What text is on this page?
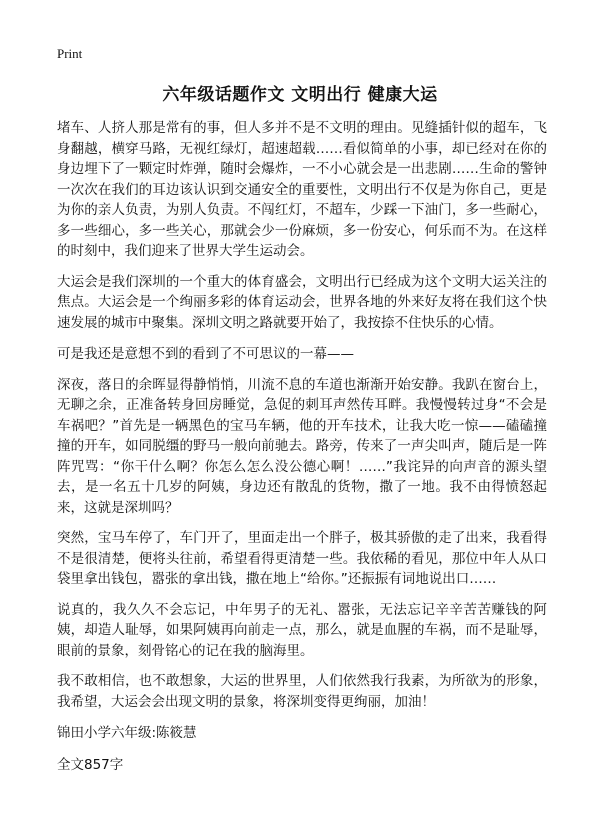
Print
六年级话题作文 文明出行 健康大运

堵车、人挤人那是常有的事，但人多并不是不文明的理由。见缝插针似的超车，飞身翻越，横穿马路，无视红绿灯，超速超载……看似简单的小事，却已经对在你的身边埋下了一颗定时炸弹，随时会爆炸，一不小心就会是一出悲剧……生命的警钟一次次在我们的耳边该认识到交通安全的重要性，文明出行不仅是为你自己，更是为你的亲人负责，为别人负责。不闯红灯，不超车，少踩一下油门，多一些耐心，多一些细心，多一些关心，那就会少一份麻烦，多一份安心，何乐而不为。在这样的时刻中，我们迎来了世界大学生运动会。

大运会是我们深圳的一个重大的体育盛会，文明出行已经成为这个文明大运关注的焦点。大运会是一个绚丽多彩的体育运动会，世界各地的外来好友将在我们这个快速发展的城市中聚集。深圳文明之路就要开始了，我按捺不住快乐的心情。

可是我还是意想不到的看到了不可思议的一幕——

深夜，落日的余晖显得静悄悄，川流不息的车道也渐渐开始安静。我趴在窗台上，无聊之余，正准备转身回房睡觉，急促的刺耳声然传耳畔。我慢慢转过身“不会是车祸吧？”首先是一辆黑色的宝马车辆，他的开车技术，让我大吃一惊——磕磕撞撞的开车，如同脱缰的野马一般向前驰去。路旁，传来了一声尖叫声，随后是一阵阵咒骂：“你干什么啊？你怎么怎么没公德心啊！……”我诧异的向声音的源头望去，是一名五十几岁的阿姨，身边还有散乱的货物，撒了一地。我不由得愤怒起来，这就是深圳吗？

突然，宝马车停了，车门开了，里面走出一个胖子，极其骄傲的走了出来，我看得不是很清楚，便将头往前，希望看得更清楚一些。我依稀的看见，那位中年人从口袋里拿出钱包，嚣张的拿出钱，撒在地上“给你。”还振振有词地说出口……

说真的，我久久不会忘记，中年男子的无礼、嚣张，无法忘记辛辛苦苦赚钱的阿姨，却造人耻辱，如果阿姨再向前走一点，那么，就是血腥的车祸，而不是耻辱，眼前的景象，刻骨铭心的记在我的脑海里。

我不敢相信，也不敢想象，大运的世界里，人们依然我行我素，为所欲为的形象，我希望，大运会会出现文明的景象，将深圳变得更绚丽，加油！

锦田小学六年级:陈筱慧

全文857字
